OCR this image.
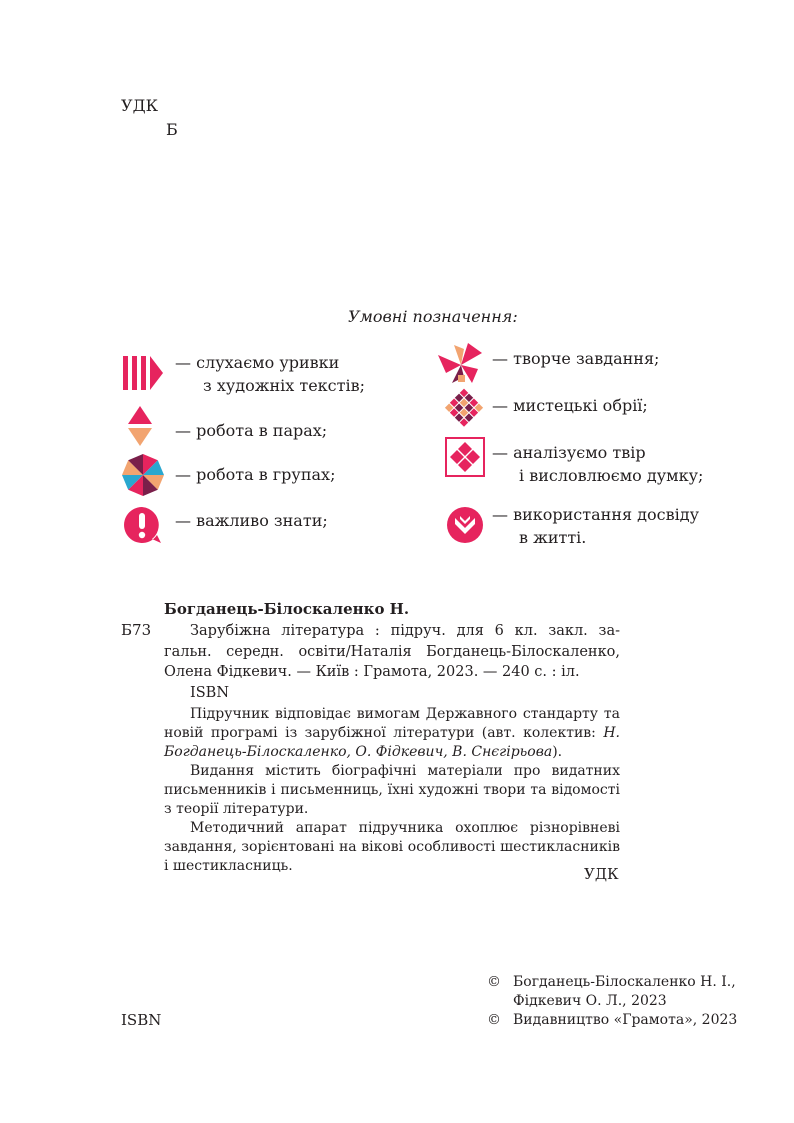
УДК
Б
Умовні позначення:
— слухаємо уривки
з художніх текстів;
— робота в парах;
— робота в групах;
— важливо знати;
— творче завдання;
— мистецькі обрії;
— аналізуємо твір
і висловлюємо думку;
— використання досвіду
в житті.
Богданець-Білоскаленко Н.
Б73	Зарубіжна література : підруч. для 6 кл. закл. за-

гальн. середн. освіти/Наталія Богданець-Білоскаленко,

Олена Фідкевич. — Київ : Грамота, 2023. — 240 с. : іл.

ISBN

Підручник відповідає вимогам Державного стандарту та новій програмі із зарубіжної літератури (авт. колектив: Н. Богданець-Білоскаленко, О. Фідкевич, В. Снєгірьова).

Видання містить біографічні матеріали про видатних письменників і письменниць, їхні художні твори та відомості з теорії літератури.

Методичний апарат підручника охоплює різнорівневі завдання, зорієнтовані на вікові особливості шестикласників і шестикласниць.	УДК
ISBN
© Богданець-Білоскаленко Н. І.,
Фідкевич О. Л., 2023
© Видавництво «Грамота», 2023
